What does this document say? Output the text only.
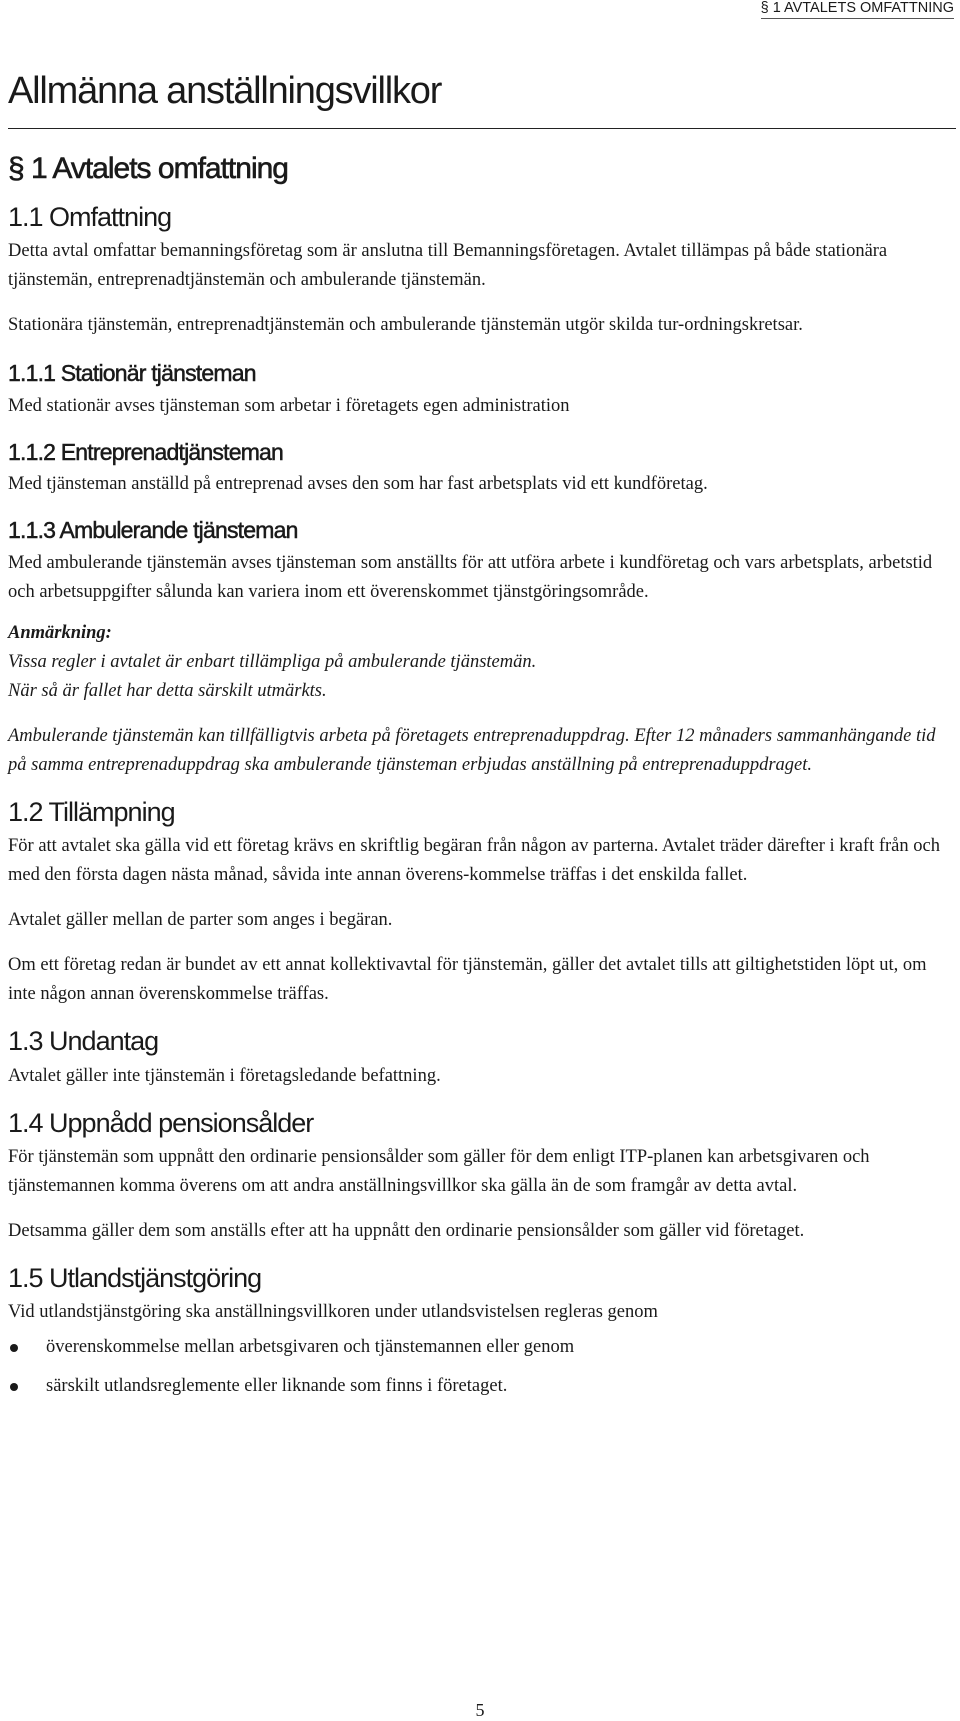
§ 1 AVTALETS OMFATTNING
Allmänna anställningsvillkor
§ 1 Avtalets omfattning
1.1 Omfattning

Detta avtal omfattar bemanningsföretag som är anslutna till Bemanningsföretagen. Avtalet tillämpas på både stationära tjänstemän, entreprenadtjänstemän och ambulerande tjänstemän.

Stationära tjänstemän, entreprenadtjänstemän och ambulerande tjänstemän utgör skilda tur-ordningskretsar.

1.1.1 Stationär tjänsteman

Med stationär avses tjänsteman som arbetar i företagets egen administration

1.1.2 Entreprenadtjänsteman

Med tjänsteman anställd på entreprenad avses den som har fast arbetsplats vid ett kundföretag.

1.1.3 Ambulerande tjänsteman

Med ambulerande tjänstemän avses tjänsteman som anställts för att utföra arbete i kundföretag och vars arbetsplats, arbetstid och arbetsuppgifter sålunda kan variera inom ett överenskommet tjänstgöringsområde.

Anmärkning:

Vissa regler i avtalet är enbart tillämpliga på ambulerande tjänstemän.

När så är fallet har detta särskilt utmärkts.

Ambulerande tjänstemän kan tillfälligtvis arbeta på företagets entreprenaduppdrag. Efter 12 månaders sammanhängande tid på samma entreprenaduppdrag ska ambulerande tjänsteman erbjudas anställning på entreprenaduppdraget.

1.2 Tillämpning

För att avtalet ska gälla vid ett företag krävs en skriftlig begäran från någon av parterna. Avtalet träder därefter i kraft från och med den första dagen nästa månad, såvida inte annan överens-kommelse träffas i det enskilda fallet.

Avtalet gäller mellan de parter som anges i begäran.

Om ett företag redan är bundet av ett annat kollektivavtal för tjänstemän, gäller det avtalet tills att giltighetstiden löpt ut, om inte någon annan överenskommelse träffas.

1.3 Undantag

Avtalet gäller inte tjänstemän i företagsledande befattning.

1.4 Uppnådd pensionsålder

För tjänstemän som uppnått den ordinarie pensionsålder som gäller för dem enligt ITP-planen kan arbetsgivaren och tjänstemannen komma överens om att andra anställningsvillkor ska gälla än de som framgår av detta avtal.

Detsamma gäller dem som anställs efter att ha uppnått den ordinarie pensionsålder som gäller vid företaget.

1.5 Utlandstjänstgöring

Vid utlandstjänstgöring ska anställningsvillkoren under utlandsvistelsen regleras genom

överenskommelse mellan arbetsgivaren och tjänstemannen eller genom
särskilt utlandsreglemente eller liknande som finns i företaget.
5
